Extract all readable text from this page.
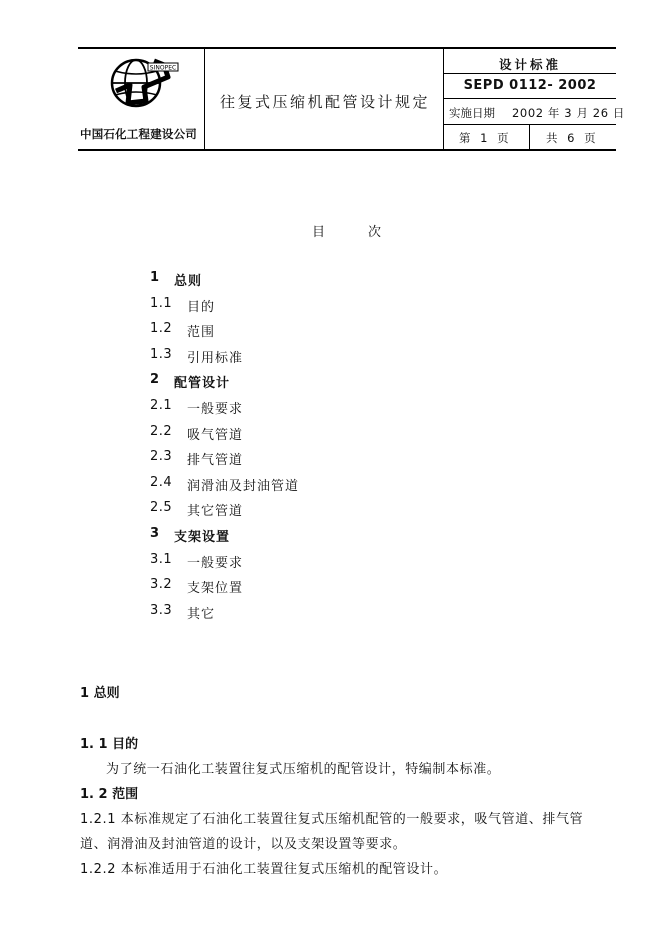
SINOPEC
中国石化工程建设公司
往复式压缩机配管设计规定
设计标准
SEPD 0112- 2002
实施日期 2002 年 3 月 26 日
第 1 页	共 6 页
目	次
1	总则
1.1	目的
1.2	范围
1.3	引用标准
2	配管设计
2.1	一般要求
2.2	吸气管道
2.3	排气管道
2.4	润滑油及封油管道
2.5	其它管道
3	支架设置
3.1	一般要求
3.2	支架位置
3.3	其它
1 总则
1. 1 目的
为了统一石油化工装置往复式压缩机的配管设计，特编制本标准。
1. 2 范围
1.2.1 本标准规定了石油化工装置往复式压缩机配管的一般要求，吸气管道、排气管
道、润滑油及封油管道的设计，以及支架设置等要求。
1.2.2 本标准适用于石油化工装置往复式压缩机的配管设计。
